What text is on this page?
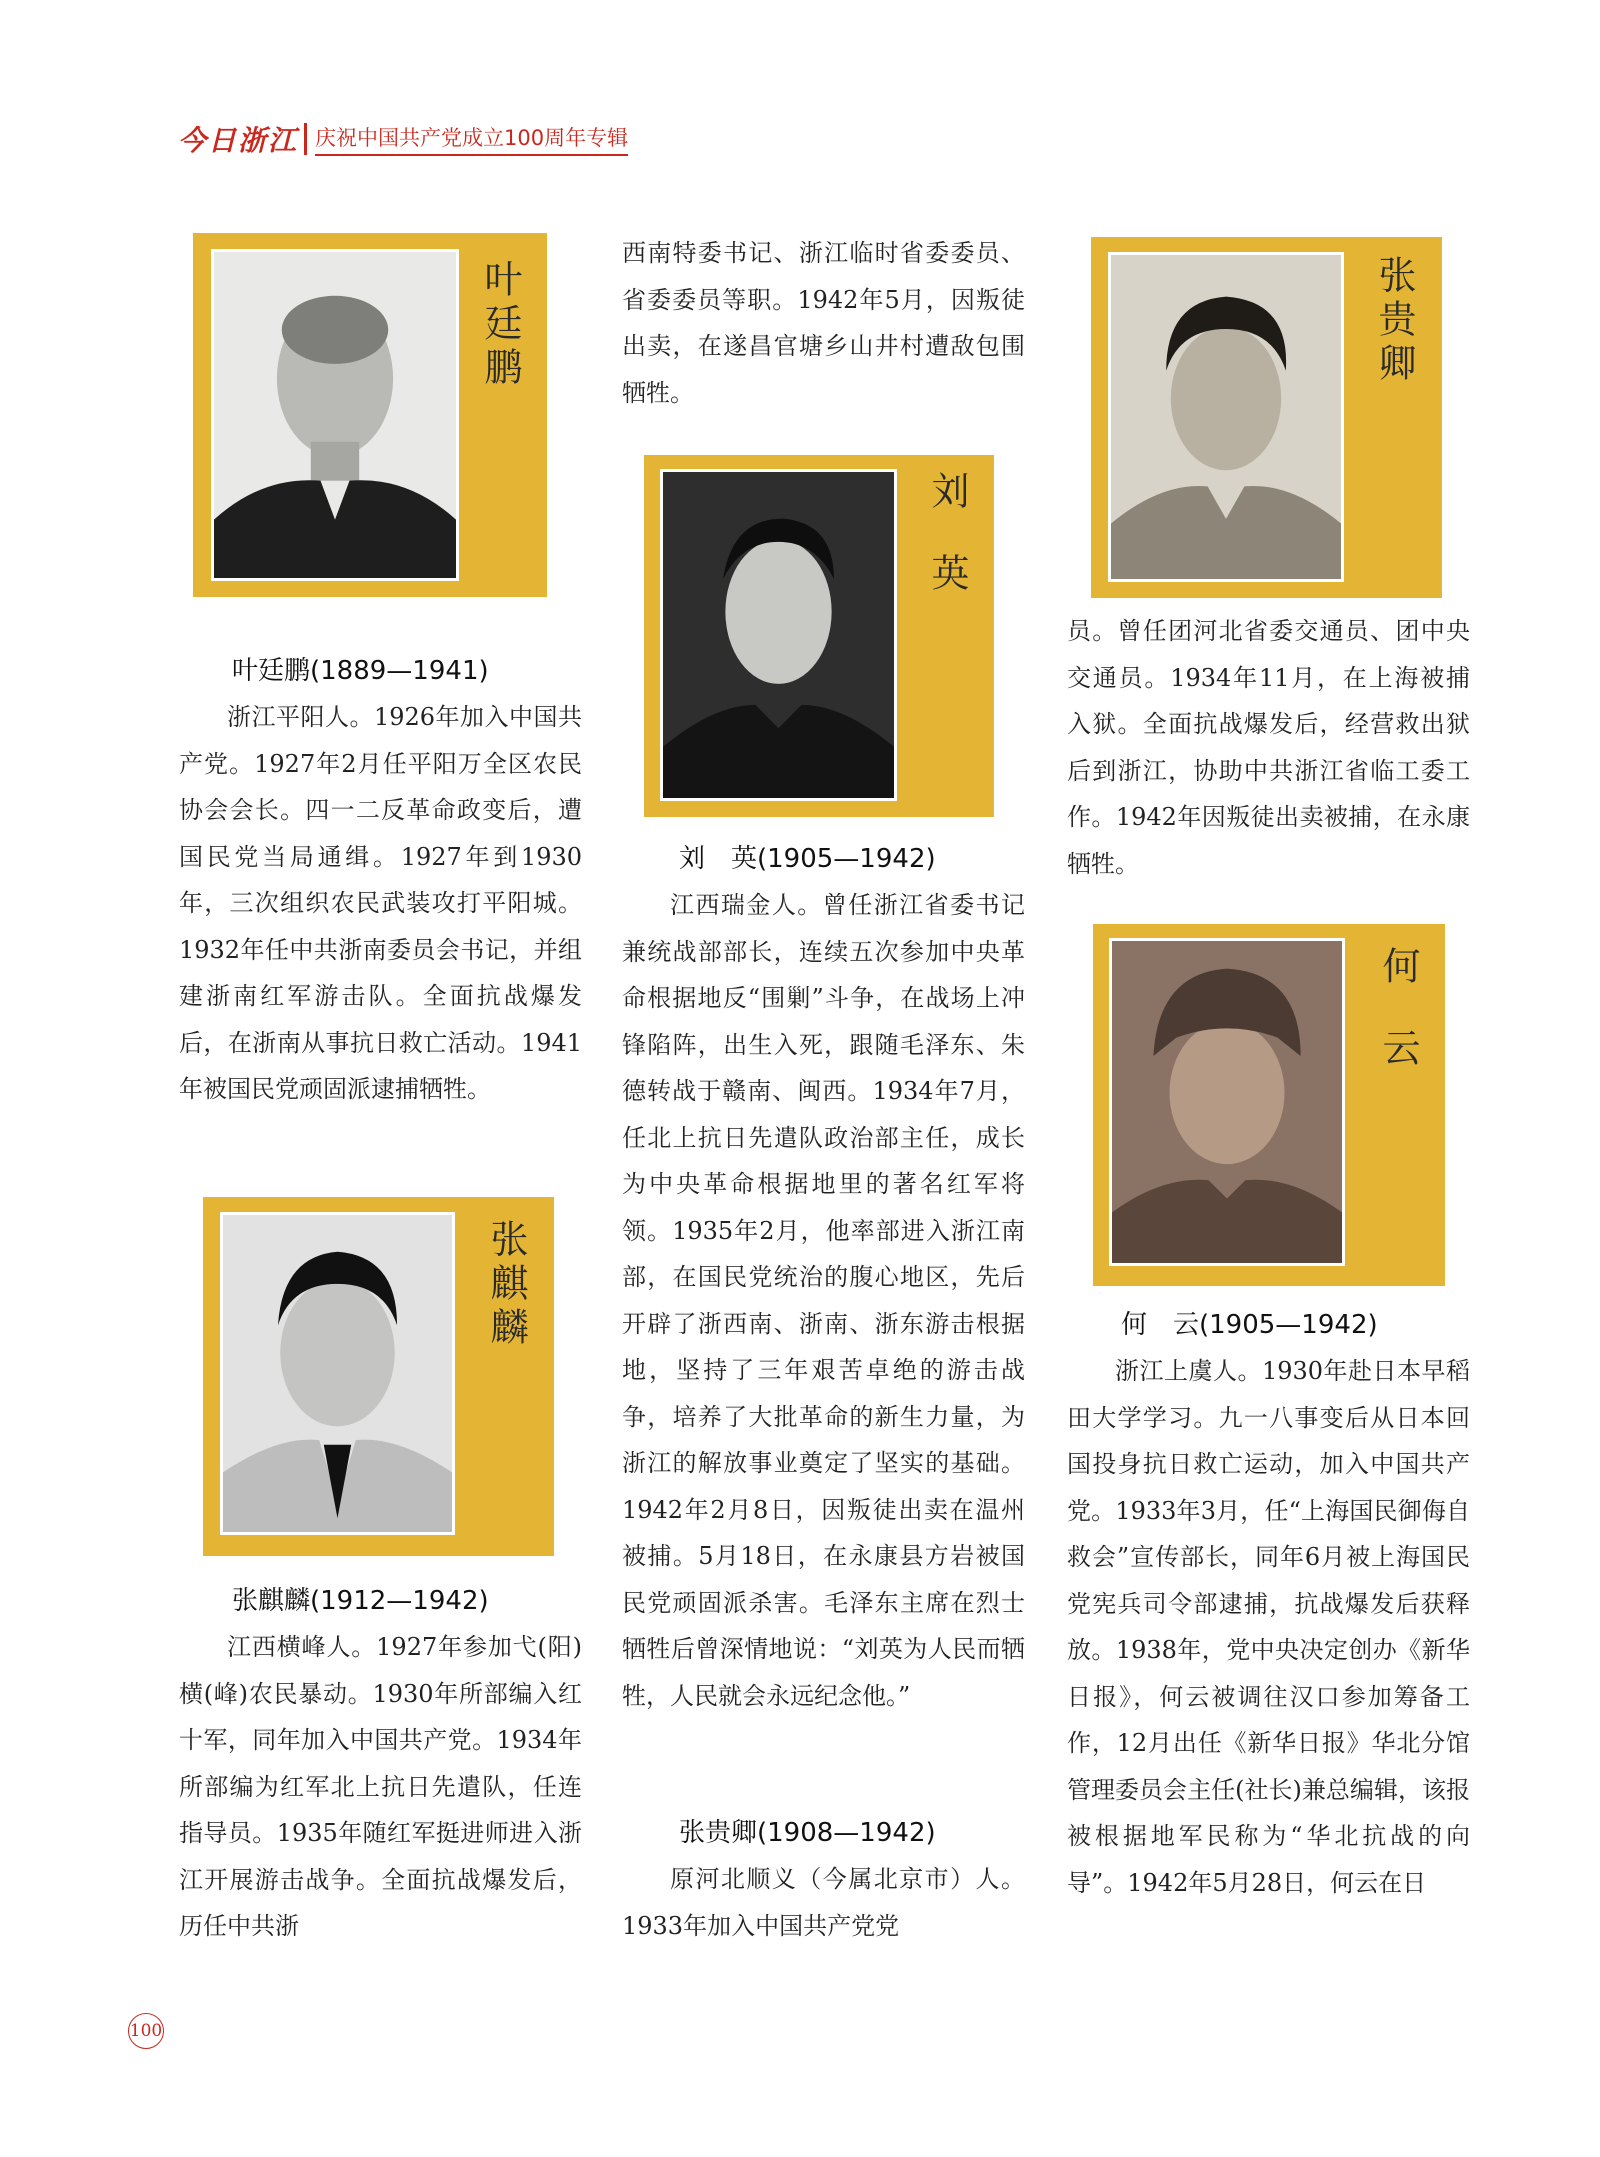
今日浙江 庆祝中国共产党成立100周年专辑
叶廷鹏
叶廷鹏(1889—1941)

浙江平阳人。1926年加入中国共产党。1927年2月任平阳万全区农民协会会长。四一二反革命政变后，遭国民党当局通缉。1927年到1930年，三次组织农民武装攻打平阳城。1932年任中共浙南委员会书记，并组建浙南红军游击队。全面抗战爆发后，在浙南从事抗日救亡活动。1941年被国民党顽固派逮捕牺牲。

张麒麟
张麒麟(1912—1942)

江西横峰人。1927年参加弋(阳)横(峰)农民暴动。1930年所部编入红十军，同年加入中国共产党。1934年所部编为红军北上抗日先遣队，任连指导员。1935年随红军挺进师进入浙江开展游击战争。全面抗战爆发后，历任中共浙

西南特委书记、浙江临时省委委员、省委委员等职。1942年5月，因叛徒出卖，在遂昌官塘乡山井村遭敌包围牺牲。

刘英
刘　英(1905—1942)

江西瑞金人。曾任浙江省委书记兼统战部部长，连续五次参加中央革命根据地反“围剿”斗争，在战场上冲锋陷阵，出生入死，跟随毛泽东、朱德转战于赣南、闽西。1934年7月，任北上抗日先遣队政治部主任，成长为中央革命根据地里的著名红军将领。1935年2月，他率部进入浙江南部，在国民党统治的腹心地区，先后开辟了浙西南、浙南、浙东游击根据地，坚持了三年艰苦卓绝的游击战争，培养了大批革命的新生力量，为浙江的解放事业奠定了坚实的基础。1942年2月8日，因叛徒出卖在温州被捕。5月18日，在永康县方岩被国民党顽固派杀害。毛泽东主席在烈士牺牲后曾深情地说：“刘英为人民而牺牲，人民就会永远纪念他。”

张贵卿(1908—1942)

原河北顺义（今属北京市）人。1933年加入中国共产党党

张贵卿

员。曾任团河北省委交通员、团中央交通员。1934年11月，在上海被捕入狱。全面抗战爆发后，经营救出狱后到浙江，协助中共浙江省临工委工作。1942年因叛徒出卖被捕，在永康牺牲。

何云
何　云(1905—1942)

浙江上虞人。1930年赴日本早稻田大学学习。九一八事变后从日本回国投身抗日救亡运动，加入中国共产党。1933年3月，任“上海国民御侮自救会”宣传部长，同年6月被上海国民党宪兵司令部逮捕，抗战爆发后获释放。1938年，党中央决定创办《新华日报》，何云被调往汉口参加筹备工作，12月出任《新华日报》华北分馆管理委员会主任(社长)兼总编辑，该报被根据地军民称为“华北抗战的向导”。1942年5月28日，何云在日

100
